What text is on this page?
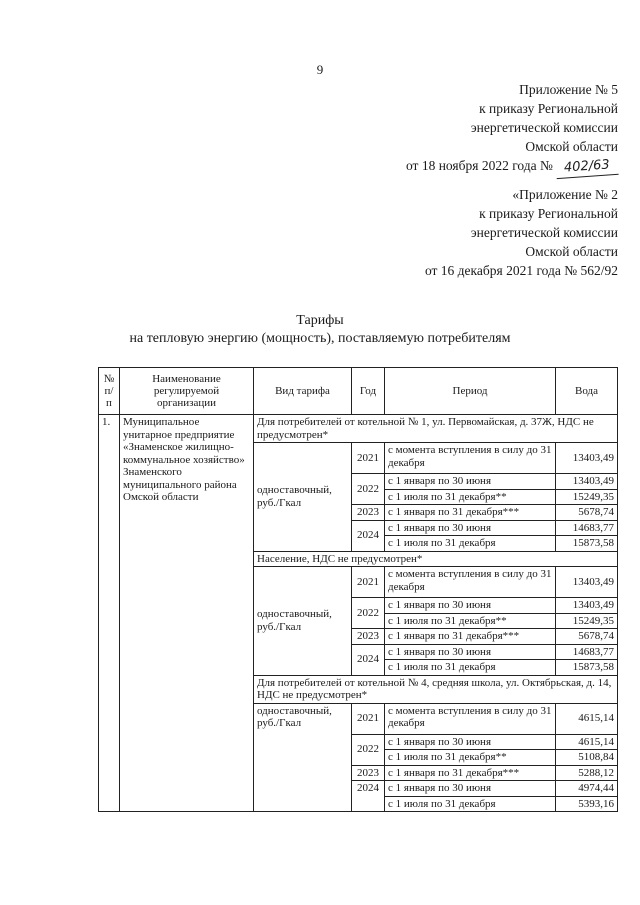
9
Приложение № 5
к приказу Региональной
энергетической комиссии
Омской области
от 18 ноября 2022 года № 402/63
«Приложение № 2
к приказу Региональной
энергетической комиссии
Омской области
от 16 декабря 2021 года № 562/92
Тарифы
на тепловую энергию (мощность), поставляемую потребителям
№ п/п	Наименование регулируемой организации	Вид тарифа	Год	Период	Вода
1.	Муниципальное унитарное предприятие «Знаменское жилищно-коммунальное хозяйство» Знаменского муниципального района Омской области	Для потребителей от котельной № 1, ул. Первомайская, д. 37Ж, НДС не предусмотрен*			
		одноставочный, руб./Гкал	2021	с момента вступления в силу до 31 декабря	13403,49
			2022	с 1 января по 30 июня	13403,49
				с 1 июля по 31 декабря**	15249,35
			2023	с 1 января по 31 декабря***	5678,74
			2024	с 1 января по 30 июня	14683,77
				с 1 июля по 31 декабря	15873,58
		Население, НДС не предусмотрен*			
		одноставочный, руб./Гкал	2021	с момента вступления в силу до 31 декабря	13403,49
			2022	с 1 января по 30 июня	13403,49
				с 1 июля по 31 декабря**	15249,35
			2023	с 1 января по 31 декабря***	5678,74
			2024	с 1 января по 30 июня	14683,77
				с 1 июля по 31 декабря	15873,58
		Для потребителей от котельной № 4, средняя школа, ул. Октябрьская, д. 14, НДС не предусмотрен*			
		одноставочный, руб./Гкал	2021	с момента вступления в силу до 31 декабря	4615,14
			2022	с 1 января по 30 июня	4615,14
				с 1 июля по 31 декабря**	5108,84
			2023	с 1 января по 31 декабря***	5288,12
			2024	с 1 января по 30 июня	4974,44
				с 1 июля по 31 декабря	5393,16
